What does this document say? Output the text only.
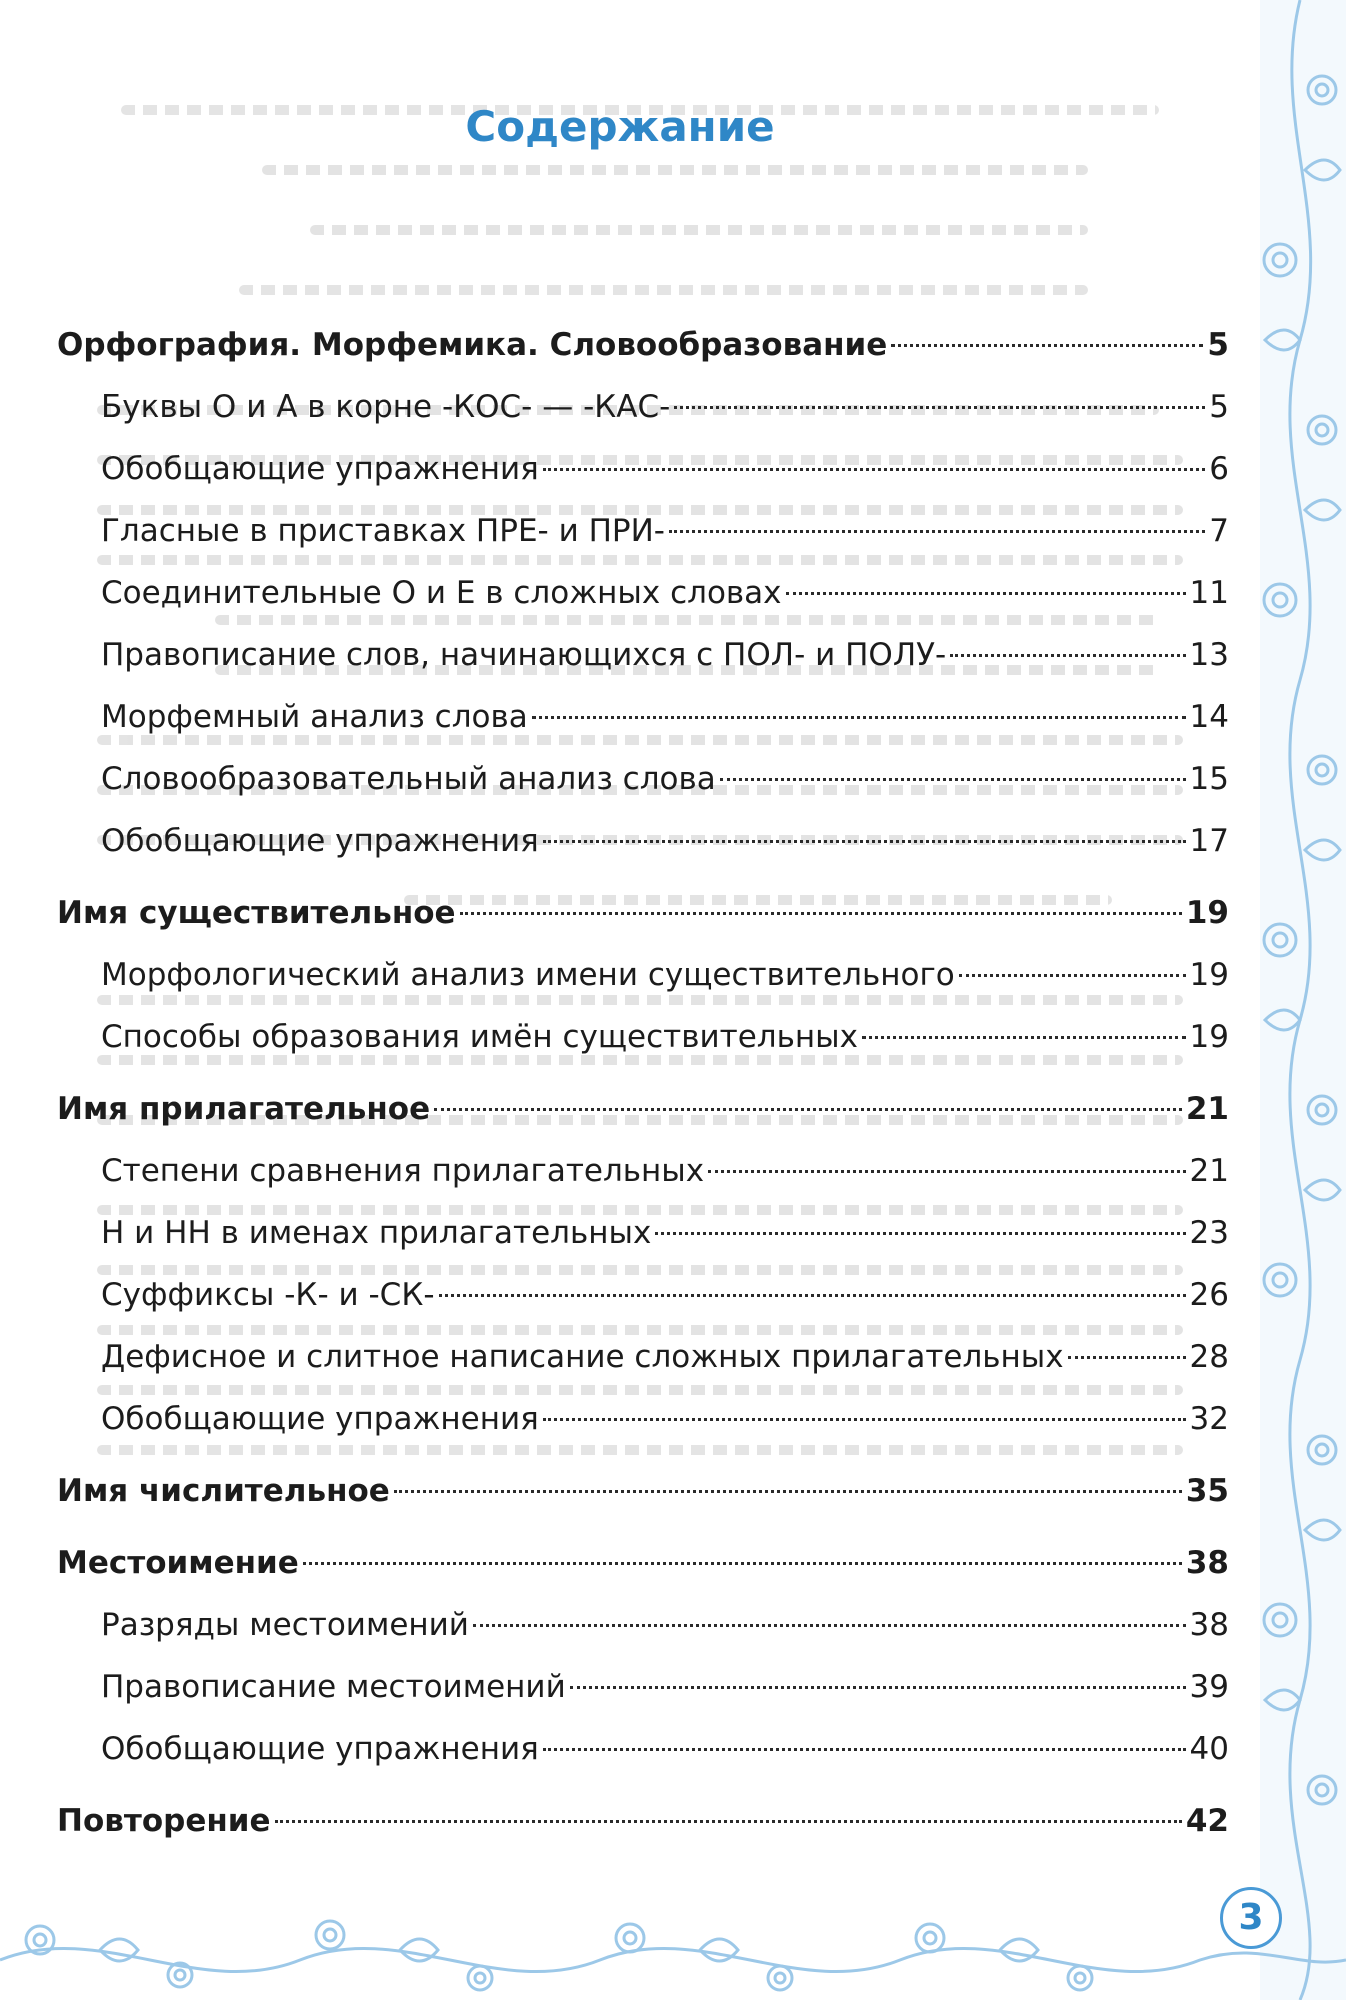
Содержание
Орфография. Морфемика. Словообразование	5
Буквы О и А в корне -КОС- — -КАС-	5
Обобщающие упражнения	6
Гласные в приставках ПРЕ- и ПРИ-	7
Соединительные О и Е в сложных словах	11
Правописание слов, начинающихся с ПОЛ- и ПОЛУ-	13
Морфемный анализ слова	14
Словообразовательный анализ слова	15
Обобщающие упражнения	17
Имя существительное	19
Морфологический анализ имени существительного	19
Способы образования имён существительных	19
Имя прилагательное	21
Степени сравнения прилагательных	21
Н и НН в именах прилагательных	23
Суффиксы -К- и -СК-	26
Дефисное и слитное написание сложных прилагательных	28
Обобщающие упражнения	32
Имя числительное	35
Местоимение	38
Разряды местоимений	38
Правописание местоимений	39
Обобщающие упражнения	40
Повторение	42
3
